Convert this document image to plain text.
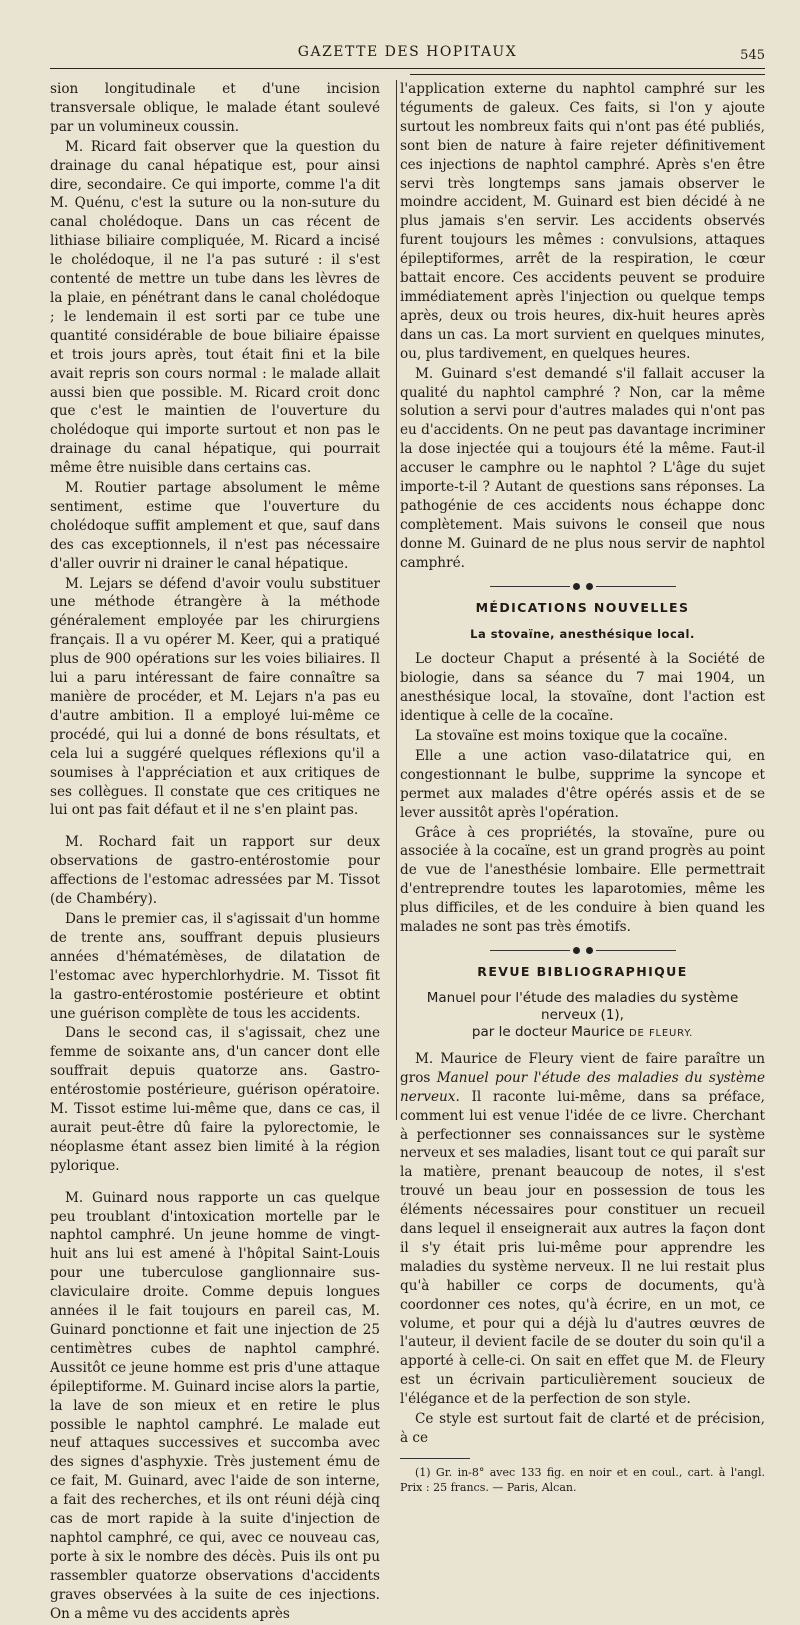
GAZETTE DES HOPITAUX	545

sion longitudinale et d'une incision transversale oblique, le malade étant soulevé par un volumineux coussin.

M. Ricard fait observer que la question du drainage du canal hépatique est, pour ainsi dire, secondaire. Ce qui importe, comme l'a dit M. Quénu, c'est la suture ou la non-suture du canal cholédoque. Dans un cas récent de lithiase biliaire compliquée, M. Ricard a incisé le cholédoque, il ne l'a pas suturé : il s'est contenté de mettre un tube dans les lèvres de la plaie, en pénétrant dans le canal cholédoque ; le lendemain il est sorti par ce tube une quantité considérable de boue biliaire épaisse et trois jours après, tout était fini et la bile avait repris son cours normal : le malade allait aussi bien que possible. M. Ricard croit donc que c'est le maintien de l'ouverture du cholédoque qui importe surtout et non pas le drainage du canal hépatique, qui pourrait même être nuisible dans certains cas.

M. Routier partage absolument le même sentiment, estime que l'ouverture du cholédoque suffit amplement et que, sauf dans des cas exceptionnels, il n'est pas nécessaire d'aller ouvrir ni drainer le canal hépatique.

M. Lejars se défend d'avoir voulu substituer une méthode étrangère à la méthode généralement employée par les chirurgiens français. Il a vu opérer M. Keer, qui a pratiqué plus de 900 opérations sur les voies biliaires. Il lui a paru intéressant de faire connaître sa manière de procéder, et M. Lejars n'a pas eu d'autre ambition. Il a employé lui-même ce procédé, qui lui a donné de bons résultats, et cela lui a suggéré quelques réflexions qu'il a soumises à l'appréciation et aux critiques de ses collègues. Il constate que ces critiques ne lui ont pas fait défaut et il ne s'en plaint pas.

M. Rochard fait un rapport sur deux observations de gastro-entérostomie pour affections de l'estomac adressées par M. Tissot (de Chambéry).

Dans le premier cas, il s'agissait d'un homme de trente ans, souffrant depuis plusieurs années d'hématémèses, de dilatation de l'estomac avec hyperchlorhydrie. M. Tissot fit la gastro-entérostomie postérieure et obtint une guérison complète de tous les accidents.

Dans le second cas, il s'agissait, chez une femme de soixante ans, d'un cancer dont elle souffrait depuis quatorze ans. Gastro-entérostomie postérieure, guérison opératoire. M. Tissot estime lui-même que, dans ce cas, il aurait peut-être dû faire la pylorectomie, le néoplasme étant assez bien limité à la région pylorique.

M. Guinard nous rapporte un cas quelque peu troublant d'intoxication mortelle par le naphtol camphré. Un jeune homme de vingt-huit ans lui est amené à l'hôpital Saint-Louis pour une tuberculose ganglionnaire sus-claviculaire droite. Comme depuis longues années il le fait toujours en pareil cas, M. Guinard ponctionne et fait une injection de 25 centimètres cubes de naphtol camphré. Aussitôt ce jeune homme est pris d'une attaque épileptiforme. M. Guinard incise alors la partie, la lave de son mieux et en retire le plus possible le naphtol camphré. Le malade eut neuf attaques successives et succomba avec des signes d'asphyxie. Très justement ému de ce fait, M. Guinard, avec l'aide de son interne, a fait des recherches, et ils ont réuni déjà cinq cas de mort rapide à la suite d'injection de naphtol camphré, ce qui, avec ce nouveau cas, porte à six le nombre des décès. Puis ils ont pu rassembler quatorze observations d'accidents graves observées à la suite de ces injections. On a même vu des accidents après

l'application externe du naphtol camphré sur les téguments de galeux. Ces faits, si l'on y ajoute surtout les nombreux faits qui n'ont pas été publiés, sont bien de nature à faire rejeter définitivement ces injections de naphtol camphré. Après s'en être servi très longtemps sans jamais observer le moindre accident, M. Guinard est bien décidé à ne plus jamais s'en servir. Les accidents observés furent toujours les mêmes : convulsions, attaques épileptiformes, arrêt de la respiration, le cœur battait encore. Ces accidents peuvent se produire immédiatement après l'injection ou quelque temps après, deux ou trois heures, dix-huit heures après dans un cas. La mort survient en quelques minutes, ou, plus tardivement, en quelques heures.

M. Guinard s'est demandé s'il fallait accuser la qualité du naphtol camphré ? Non, car la même solution a servi pour d'autres malades qui n'ont pas eu d'accidents. On ne peut pas davantage incriminer la dose injectée qui a toujours été la même. Faut-il accuser le camphre ou le naphtol ? L'âge du sujet importe-t-il ? Autant de questions sans réponses. La pathogénie de ces accidents nous échappe donc complètement. Mais suivons le conseil que nous donne M. Guinard de ne plus nous servir de naphtol camphré.

MÉDICATIONS NOUVELLES
La stovaïne, anesthésique local.

Le docteur Chaput a présenté à la Société de biologie, dans sa séance du 7 mai 1904, un anesthésique local, la stovaïne, dont l'action est identique à celle de la cocaïne.

La stovaïne est moins toxique que la cocaïne.

Elle a une action vaso-dilatatrice qui, en congestionnant le bulbe, supprime la syncope et permet aux malades d'être opérés assis et de se lever aussitôt après l'opération.

Grâce à ces propriétés, la stovaïne, pure ou associée à la cocaïne, est un grand progrès au point de vue de l'anesthésie lombaire. Elle permettrait d'entreprendre toutes les laparotomies, même les plus difficiles, et de les conduire à bien quand les malades ne sont pas très émotifs.

REVUE BIBLIOGRAPHIQUE
Manuel pour l'étude des maladies du système nerveux (1),
par le docteur Maurice DE FLEURY.

M. Maurice de Fleury vient de faire paraître un gros Manuel pour l'étude des maladies du système nerveux. Il raconte lui-même, dans sa préface, comment lui est venue l'idée de ce livre. Cherchant à perfectionner ses connaissances sur le système nerveux et ses maladies, lisant tout ce qui paraît sur la matière, prenant beaucoup de notes, il s'est trouvé un beau jour en possession de tous les éléments nécessaires pour constituer un recueil dans lequel il enseignerait aux autres la façon dont il s'y était pris lui-même pour apprendre les maladies du système nerveux. Il ne lui restait plus qu'à habiller ce corps de documents, qu'à coordonner ces notes, qu'à écrire, en un mot, ce volume, et pour qui a déjà lu d'autres œuvres de l'auteur, il devient facile de se douter du soin qu'il a apporté à celle-ci. On sait en effet que M. de Fleury est un écrivain particulièrement soucieux de l'élégance et de la perfection de son style.

Ce style est surtout fait de clarté et de précision, à ce

(1) Gr. in-8° avec 133 fig. en noir et en coul., cart. à l'angl. Prix : 25 francs. — Paris, Alcan.
